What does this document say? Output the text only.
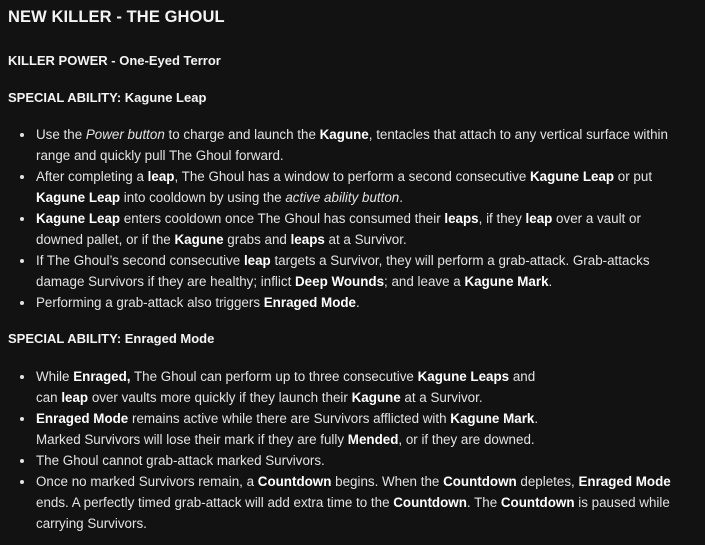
NEW KILLER - THE GHOUL
KILLER POWER - One-Eyed Terror
SPECIAL ABILITY: Kagune Leap
Use the Power button to charge and launch the Kagune, tentacles that attach to any vertical surface within range and quickly pull The Ghoul forward.
After completing a leap, The Ghoul has a window to perform a second consecutive Kagune Leap or put Kagune Leap into cooldown by using the active ability button.
Kagune Leap enters cooldown once The Ghoul has consumed their leaps, if they leap over a vault or downed pallet, or if the Kagune grabs and leaps at a Survivor.
If The Ghoul’s second consecutive leap targets a Survivor, they will perform a grab-attack. Grab-attacks damage Survivors if they are healthy; inflict Deep Wounds; and leave a Kagune Mark.
Performing a grab-attack also triggers Enraged Mode.
SPECIAL ABILITY: Enraged Mode
While Enraged, The Ghoul can perform up to three consecutive Kagune Leaps and
can leap over vaults more quickly if they launch their Kagune at a Survivor.
Enraged Mode remains active while there are Survivors afflicted with Kagune Mark.
Marked Survivors will lose their mark if they are fully Mended, or if they are downed.
The Ghoul cannot grab-attack marked Survivors.
Once no marked Survivors remain, a Countdown begins. When the Countdown depletes, Enraged Mode ends. A perfectly timed grab-attack will add extra time to the Countdown. The Countdown is paused while carrying Survivors.
